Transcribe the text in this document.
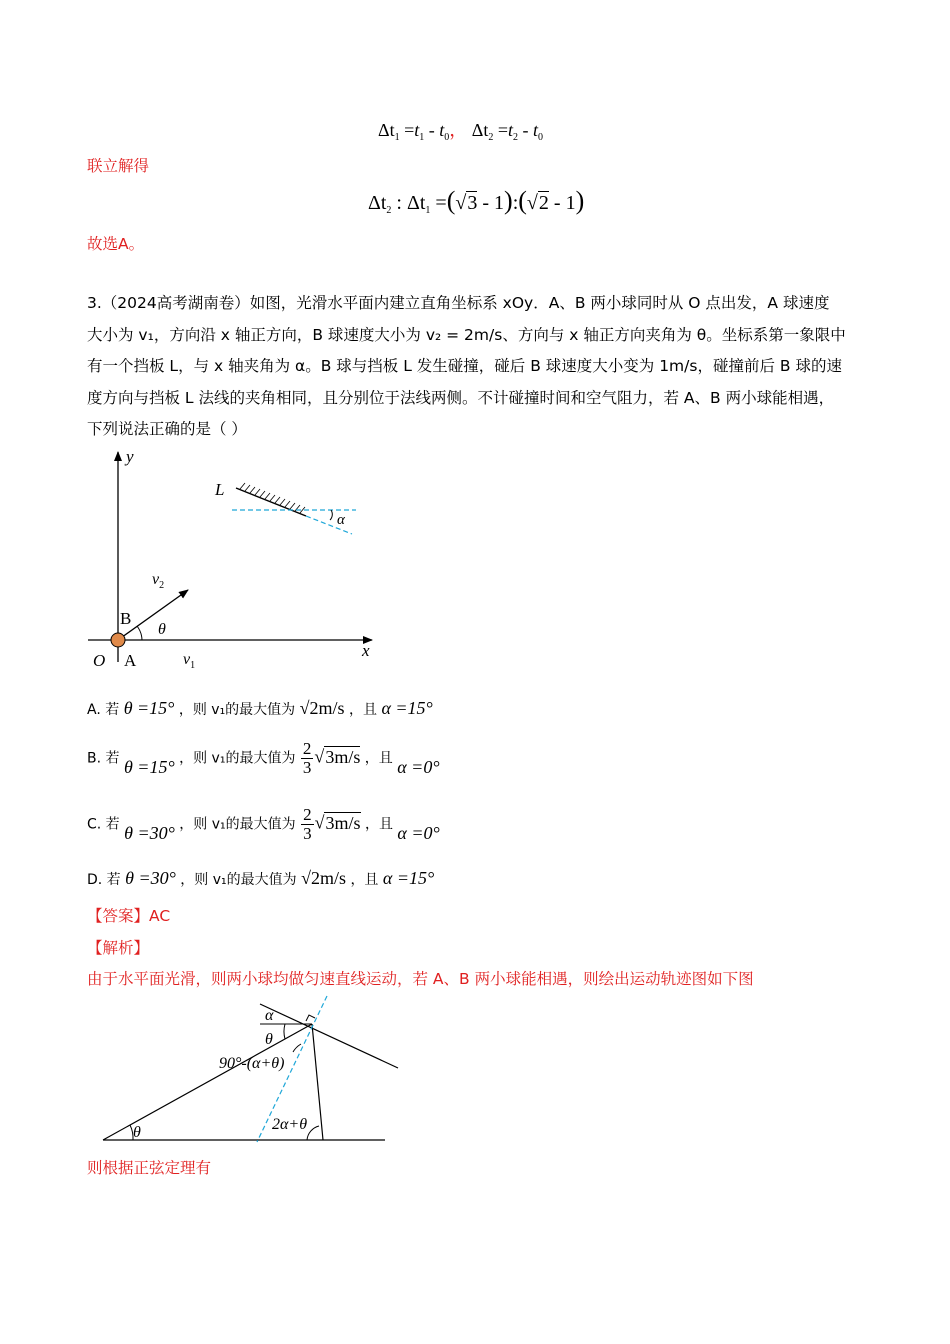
$\Delta t_1 =t_1 - t_0$， $\Delta t_2 =t_2 - t_0$
联立解得
$\Delta t_2$ : $\Delta t_1 =(√3$ - 1):(√2 - 1)
故选A。
3.（2024高考湖南卷）如图，光滑水平面内建立直角坐标系 xOy．A、B 两小球同时从 O 点出发，A 球速度
大小为 v₁，方向沿 x 轴正方向，B 球速度大小为 v₂ = 2m/s、方向与 x 轴正方向夹角为 θ。坐标系第一象限中
有一个挡板 L，与 x 轴夹角为 α。B 球与挡板 L 发生碰撞，碰后 B 球速度大小变为 1m/s，碰撞前后 B 球的速
度方向与挡板 L 法线的夹角相同，且分别位于法线两侧。不计碰撞时间和空气阻力，若 A、B 两小球能相遇，
下列说法正确的是（ ）
y
x
L
α
$v_2$
θ
B
O A	$v_1$
A. 若 θ =15° ，则 v₁的最大值为 √2m/s ，且 α =15°
B. 若 θ =15° ，则 v₁的最大值为 $\frac{2}{3} √3m/s$ ，且 α =0°
C. 若 θ =30° ，则 v₁的最大值为 $\frac{2}{3} √3m/s$ ，且 α =0°
D. 若 θ =30° ，则 v₁的最大值为 √2m/s ，且 α =15°
【答案】AC
【解析】
由于水平面光滑，则两小球均做匀速直线运动，若 A、B 两小球能相遇，则绘出运动轨迹图如下图
α
θ
90°-(α+θ)
θ	2α+θ
则根据正弦定理有
